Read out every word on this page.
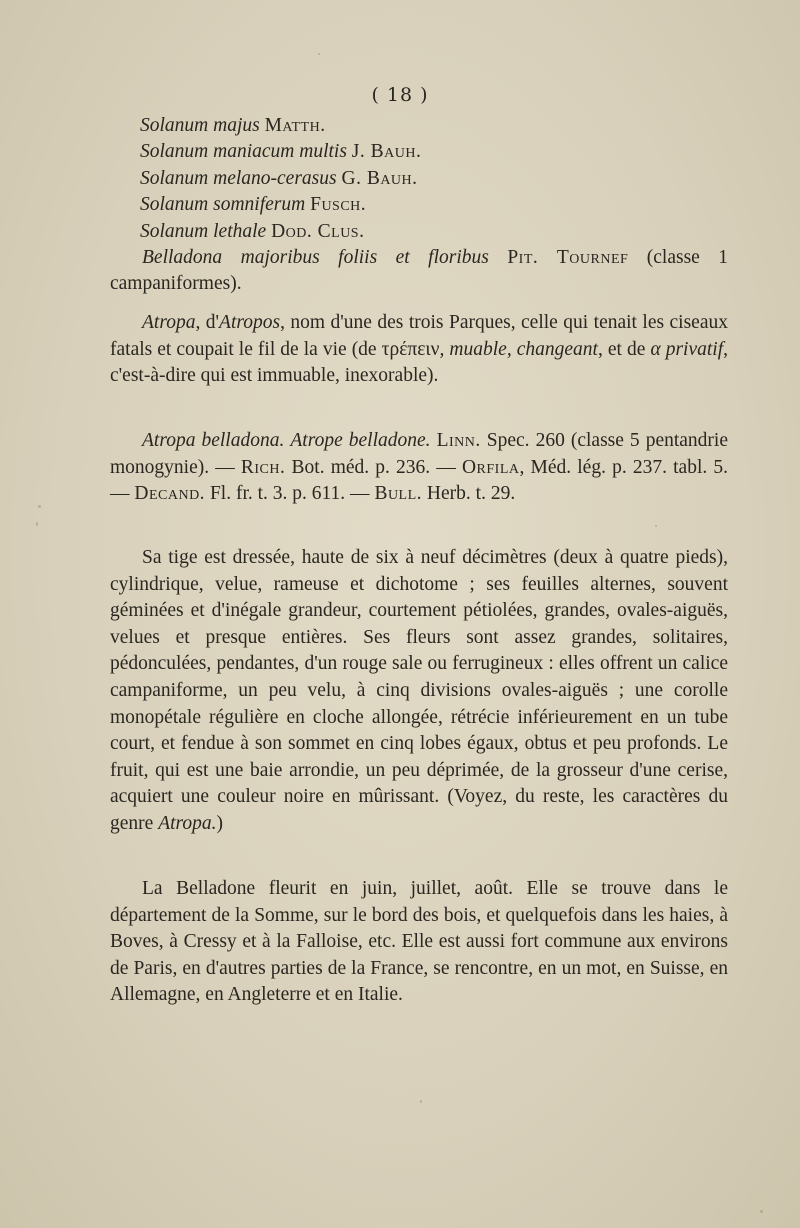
( 18 )

Solanum majus Matth.

Solanum maniacum multis J. Bauh.

Solanum melano-cerasus G. Bauh.

Solanum somniferum Fusch.

Solanum lethale Dod. Clus.

Belladona majoribus foliis et floribus Pit. Tournef (classe 1 campaniformes).

Atropa, d'Atropos, nom d'une des trois Parques, celle qui tenait les ciseaux fatals et coupait le fil de la vie (de τρέπειν, muable, changeant, et de α privatif, c'est-à-dire qui est immuable, inexorable).

Atropa belladona. Atrope belladone. Linn. Spec. 260 (classe 5 pentandrie monogynie). — Rich. Bot. méd. p. 236. — Orfila, Méd. lég. p. 237. tabl. 5. — Decand. Fl. fr. t. 3. p. 611. — Bull. Herb. t. 29.

Sa tige est dressée, haute de six à neuf décimètres (deux à quatre pieds), cylindrique, velue, rameuse et dichotome ; ses feuilles alternes, souvent géminées et d'inégale grandeur, courtement pétiolées, grandes, ovales-aiguës, velues et presque entières. Ses fleurs sont assez grandes, solitaires, pédonculées, pendantes, d'un rouge sale ou ferrugineux : elles offrent un calice campaniforme, un peu velu, à cinq divisions ovales-aiguës ; une corolle monopétale régulière en cloche allongée, rétrécie inférieurement en un tube court, et fendue à son sommet en cinq lobes égaux, obtus et peu profonds. Le fruit, qui est une baie arrondie, un peu déprimée, de la grosseur d'une cerise, acquiert une couleur noire en mûrissant. (Voyez, du reste, les caractères du genre Atropa.)

La Belladone fleurit en juin, juillet, août. Elle se trouve dans le département de la Somme, sur le bord des bois, et quelquefois dans les haies, à Boves, à Cressy et à la Falloise, etc. Elle est aussi fort commune aux environs de Paris, en d'autres parties de la France, se rencontre, en un mot, en Suisse, en Allemagne, en Angleterre et en Italie.
